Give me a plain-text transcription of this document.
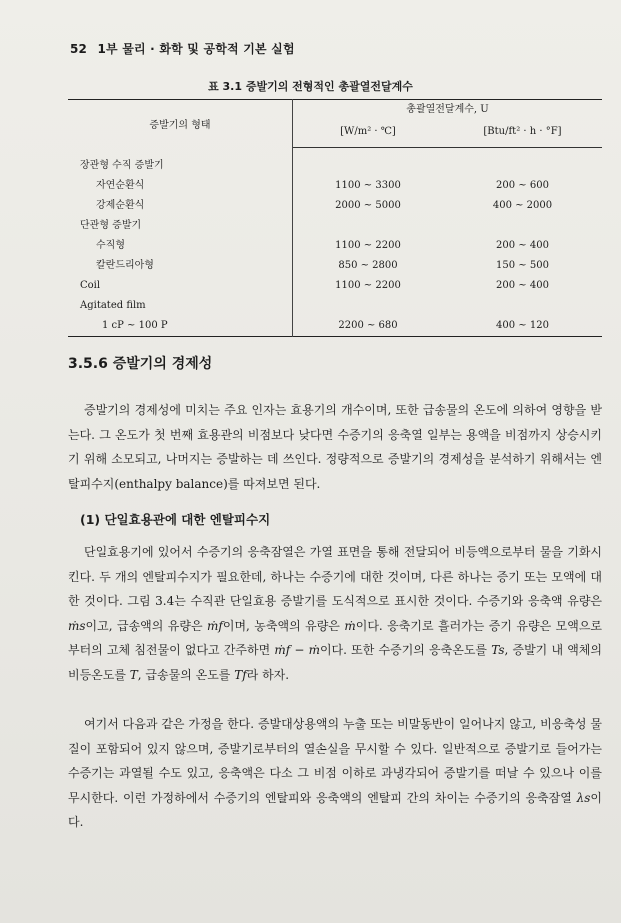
52 1부 물리 · 화학 및 공학적 기본 실험
표 3.1 증발기의 전형적인 총괄열전달계수
증발기의 형태	총괄열전달계수, U	
	[W/m² · ℃]	[Btu/ft² · h · °F]

장관형 수직 증발기		
자연순환식	1100 ~ 3300	200 ~ 600
강제순환식	2000 ~ 5000	400 ~ 2000
단관형 증발기		
수직형	1100 ~ 2200	200 ~ 400
칼란드리아형	850 ~ 2800	150 ~ 500
Coil	1100 ~ 2200	200 ~ 400
Agitated film		
1 cP ~ 100 P	2200 ~ 680	400 ~ 120
3.5.6 증발기의 경제성
증발기의 경제성에 미치는 주요 인자는 효용기의 개수이며, 또한 급송물의 온도에 의하여 영향을 받는다. 그 온도가 첫 번째 효용관의 비점보다 낮다면 수증기의 응축열 일부는 용액을 비점까지 상승시키기 위해 소모되고, 나머지는 증발하는 데 쓰인다. 정량적으로 증발기의 경제성을 분석하기 위해서는 엔탈피수지(enthalpy balance)를 따져보면 된다.
(1) 단일효용관에 대한 엔탈피수지
단일효용기에 있어서 수증기의 응축잠열은 가열 표면을 통해 전달되어 비등액으로부터 물을 기화시킨다. 두 개의 엔탈피수지가 필요한데, 하나는 수증기에 대한 것이며, 다른 하나는 증기 또는 모액에 대한 것이다. 그림 3.4는 수직관 단일효용 증발기를 도식적으로 표시한 것이다. 수증기와 응축액 유량은 ṁs이고, 급송액의 유량은 ṁf이며, 농축액의 유량은 ṁ이다. 응축기로 흘러가는 증기 유량은 모액으로부터의 고체 침전물이 없다고 간주하면 ṁf − ṁ이다. 또한 수증기의 응축온도를 Ts, 증발기 내 액체의 비등온도를 T, 급송물의 온도를 Tf라 하자.
여기서 다음과 같은 가정을 한다. 증발대상용액의 누출 또는 비말동반이 일어나지 않고, 비응축성 물질이 포함되어 있지 않으며, 증발기로부터의 열손실을 무시할 수 있다. 일반적으로 증발기로 들어가는 수증기는 과열될 수도 있고, 응축액은 다소 그 비점 이하로 과냉각되어 증발기를 떠날 수 있으나 이를 무시한다. 이런 가정하에서 수증기의 엔탈피와 응축액의 엔탈피 간의 차이는 수증기의 응축잠열 λs이다.
